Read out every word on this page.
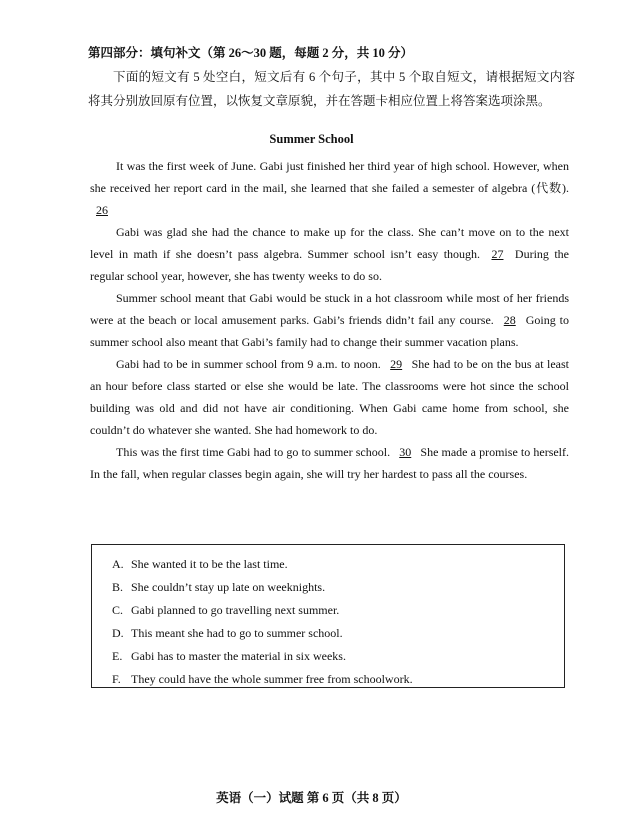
第四部分：填句补文（第 26～30 题，每题 2 分，共 10 分）
下面的短文有 5 处空白，短文后有 6 个句子，其中 5 个取自短文，请根据短文内容将其分别放回原有位置，以恢复文章原貌，并在答题卡相应位置上将答案选项涂黑。
Summer School

It was the first week of June. Gabi just finished her third year of high school. However, when she received her report card in the mail, she learned that she failed a semester of algebra (代数). 26

Gabi was glad she had the chance to make up for the class. She can’t move on to the next level in math if she doesn’t pass algebra. Summer school isn’t easy though. 27 During the regular school year, however, she has twenty weeks to do so.

Summer school meant that Gabi would be stuck in a hot classroom while most of her friends were at the beach or local amusement parks. Gabi’s friends didn’t fail any course. 28 Going to summer school also meant that Gabi’s family had to change their summer vacation plans.

Gabi had to be in summer school from 9 a.m. to noon. 29 She had to be on the bus at least an hour before class started or else she would be late. The classrooms were hot since the school building was old and did not have air conditioning. When Gabi came home from school, she couldn’t do whatever she wanted. She had homework to do.

This was the first time Gabi had to go to summer school. 30 She made a promise to herself. In the fall, when regular classes begin again, she will try her hardest to pass all the courses.

A. She wanted it to be the last time.
B. She couldn’t stay up late on weeknights.
C. Gabi planned to go travelling next summer.
D. This meant she had to go to summer school.
E. Gabi has to master the material in six weeks.
F. They could have the whole summer free from schoolwork.
英语（一）试题 第 6 页（共 8 页）
